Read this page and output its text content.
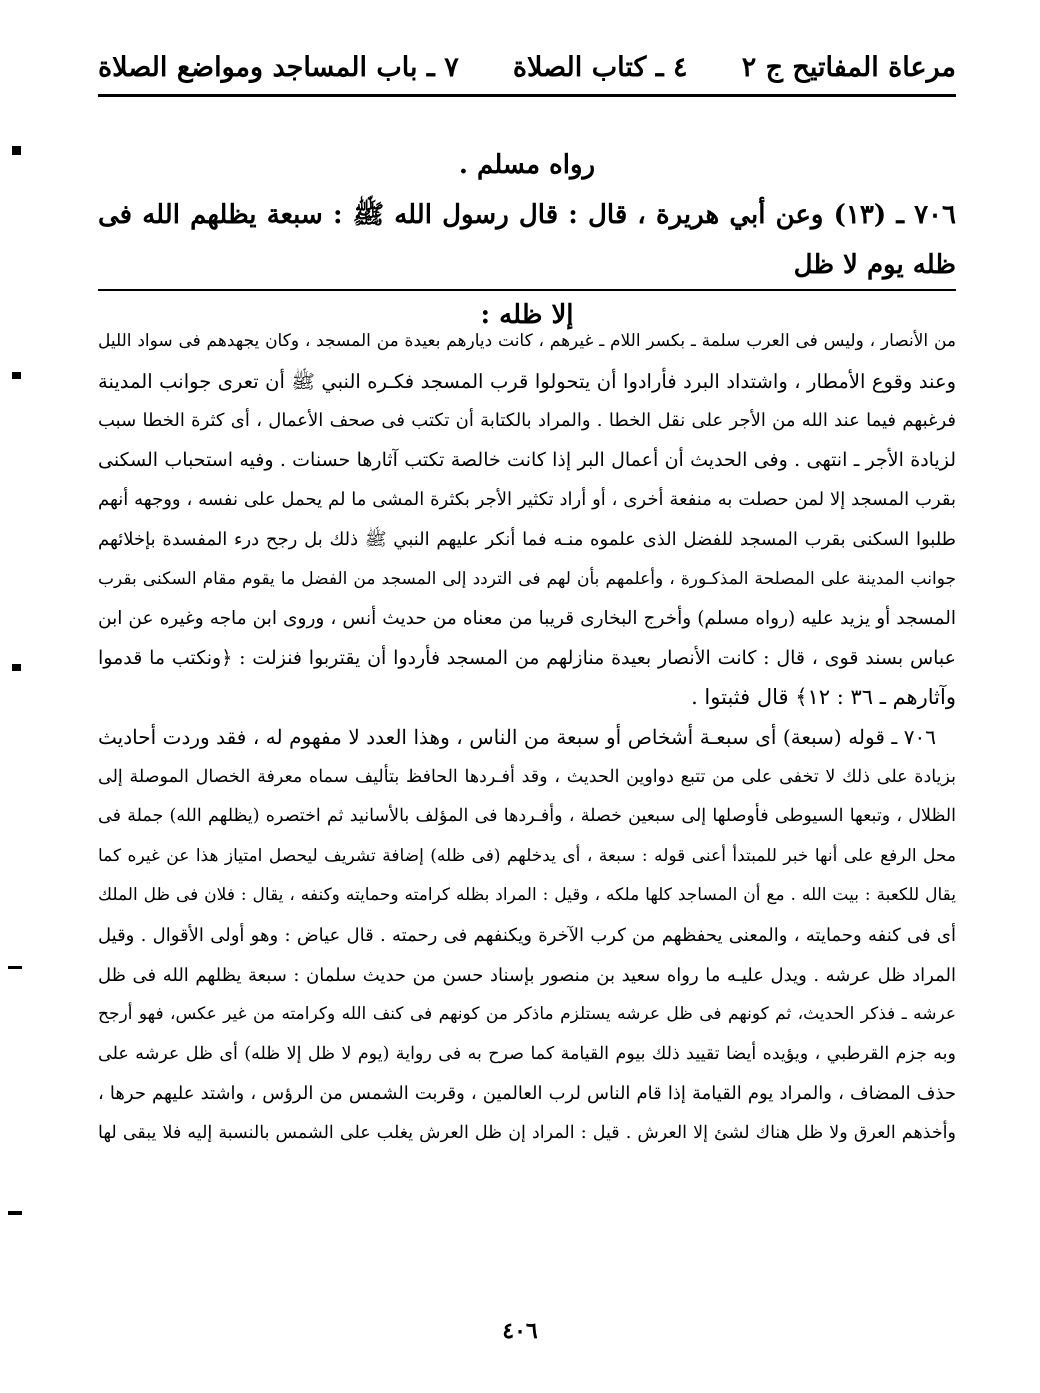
مرعاة المفاتيح ج ٢
٤ ـ كتاب الصلاة
٧ ـ باب المساجد ومواضع الصلاة
رواه مسلم .

٧٠٦ ـ (١٣) وعن أبي هريرة ، قال : قال رسول الله ﷺ : سبعة يظلهم الله فى ظله يوم لا ظل

إلا ظله :
من الأنصار ، وليس فى العرب سلمة ـ بكسر اللام ـ غيرهم ، كانت ديارهم بعيدة من المسجد ، وكان يجهدهم فى سواد الليل
وعند وقوع الأمطار ، واشتداد البرد فأرادوا أن يتحولوا قرب المسجد فكـره النبي ﷺ أن تعرى جوانب المدينة
فرغبهم فيما عند الله من الأجر على نقل الخطا . والمراد بالكتابة أن تكتب فى صحف الأعمال ، أى كثرة الخطا سبب
لزيادة الأجر ـ انتهى . وفى الحديث أن أعمال البر إذا كانت خالصة تكتب آثارها حسنات . وفيه استحباب السكنى
بقرب المسجد إلا لمن حصلت به منفعة أخرى ، أو أراد تكثير الأجر بكثرة المشى ما لم يحمل على نفسه ، ووجهه أنهم
طلبوا السكنى بقرب المسجد للفضل الذى علموه منـه فما أنكر عليهم النبي ﷺ ذلك بل رجح درء المفسدة بإخلائهم
جوانب المدينة على المصلحة المذكـورة ، وأعلمهم بأن لهم فى التردد إلى المسجد من الفضل ما يقوم مقام السكنى بقرب
المسجد أو يزيد عليه (رواه مسلم) وأخرج البخارى قريبا من معناه من حديث أنس ، وروى ابن ماجه وغيره عن ابن
عباس بسند قوى ، قال : كانت الأنصار بعيدة منازلهم من المسجد فأردوا أن يقتربوا فنزلت : ﴿ونكتب ما قدموا
وآثارهم ـ ٣٦ : ١٢﴾ قال فثبتوا .
٧٠٦ ـ قوله (سبعة) أى سبعـة أشخاص أو سبعة من الناس ، وهذا العدد لا مفهوم له ، فقد وردت أحاديث
بزيادة على ذلك لا تخفى على من تتبع دواوين الحديث ، وقد أفـردها الحافظ بتأليف سماه معرفة الخصال الموصلة إلى
الظلال ، وتبعها السيوطى فأوصلها إلى سبعين خصلة ، وأفـردها فى المؤلف بالأسانيد ثم اختصره (يظلهم الله) جملة فى
محل الرفع على أنها خبر للمبتدأ أعنى قوله : سبعة ، أى يدخلهم (فى ظله) إضافة تشريف ليحصل امتياز هذا عن غيره كما
يقال للكعبة : بيت الله . مع أن المساجد كلها ملكه ، وقيل : المراد بظله كرامته وحمايته وكنفه ، يقال : فلان فى ظل الملك
أى فى كنفه وحمايته ، والمعنى يحفظهم من كرب الآخرة ويكنفهم فى رحمته . قال عياض : وهو أولى الأقوال . وقيل
المراد ظل عرشه . ويدل عليـه ما رواه سعيد بن منصور بإسناد حسن من حديث سلمان : سبعة يظلهم الله فى ظل
عرشه ـ فذكر الحديث، ثم كونهم فى ظل عرشه يستلزم ماذكر من كونهم فى كنف الله وكرامته من غير عكس، فهو أرجح
وبه جزم القرطبي ، ويؤيده أيضا تقييد ذلك بيوم القيامة كما صرح به فى رواية (يوم لا ظل إلا ظله) أى ظل عرشه على
حذف المضاف ، والمراد يوم القيامة إذا قام الناس لرب العالمين ، وقربت الشمس من الرؤس ، واشتد عليهم حرها ،
وأخذهم العرق ولا ظل هناك لشئ إلا العرش . قيل : المراد إن ظل العرش يغلب على الشمس بالنسبة إليه فلا يبقى لها
٤٠٦
